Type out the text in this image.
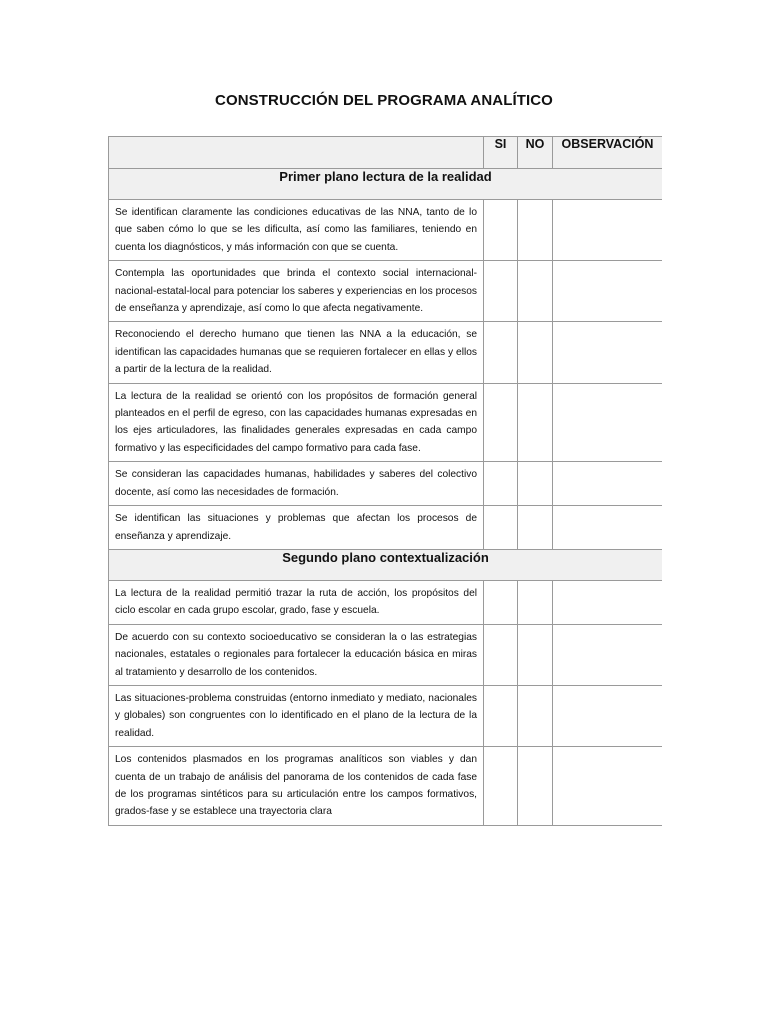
CONSTRUCCIÓN DEL PROGRAMA ANALÍTICO
	SI	NO	OBSERVACIÓN
Primer plano lectura de la realidad			

Se identifican claramente las condiciones educativas de las NNA, tanto de lo que saben cómo lo que se les dificulta, así como las familiares, teniendo en cuenta los diagnósticos, y más información con que se cuenta.			

Contempla las oportunidades que brinda el contexto social internacional-nacional-estatal-local para potenciar los saberes y experiencias en los procesos de enseñanza y aprendizaje, así como lo que afecta negativamente.			

Reconociendo el derecho humano que tienen las NNA a la educación, se identifican las capacidades humanas que se requieren fortalecer en ellas y ellos a partir de la lectura de la realidad.			

La lectura de la realidad se orientó con los propósitos de formación general planteados en el perfil de egreso, con las capacidades humanas expresadas en los ejes articuladores, las finalidades generales expresadas en cada campo formativo y las especificidades del campo formativo para cada fase.			

Se consideran las capacidades humanas, habilidades y saberes del colectivo docente, así como las necesidades de formación.			

Se identifican las situaciones y problemas que afectan los procesos de enseñanza y aprendizaje.			

Segundo plano contextualización			

La lectura de la realidad permitió trazar la ruta de acción, los propósitos del ciclo escolar en cada grupo escolar, grado, fase y escuela.			

De acuerdo con su contexto socioeducativo se consideran la o las estrategias nacionales, estatales o regionales para fortalecer la educación básica en miras al tratamiento y desarrollo de los contenidos.			

Las situaciones-problema construidas (entorno inmediato y mediato, nacionales y globales) son congruentes con lo identificado en el plano de la lectura de la realidad.			

Los contenidos plasmados en los programas analíticos son viables y dan cuenta de un trabajo de análisis del panorama de los contenidos de cada fase de los programas sintéticos para su articulación entre los campos formativos, grados-fase y se establece una trayectoria clara			
